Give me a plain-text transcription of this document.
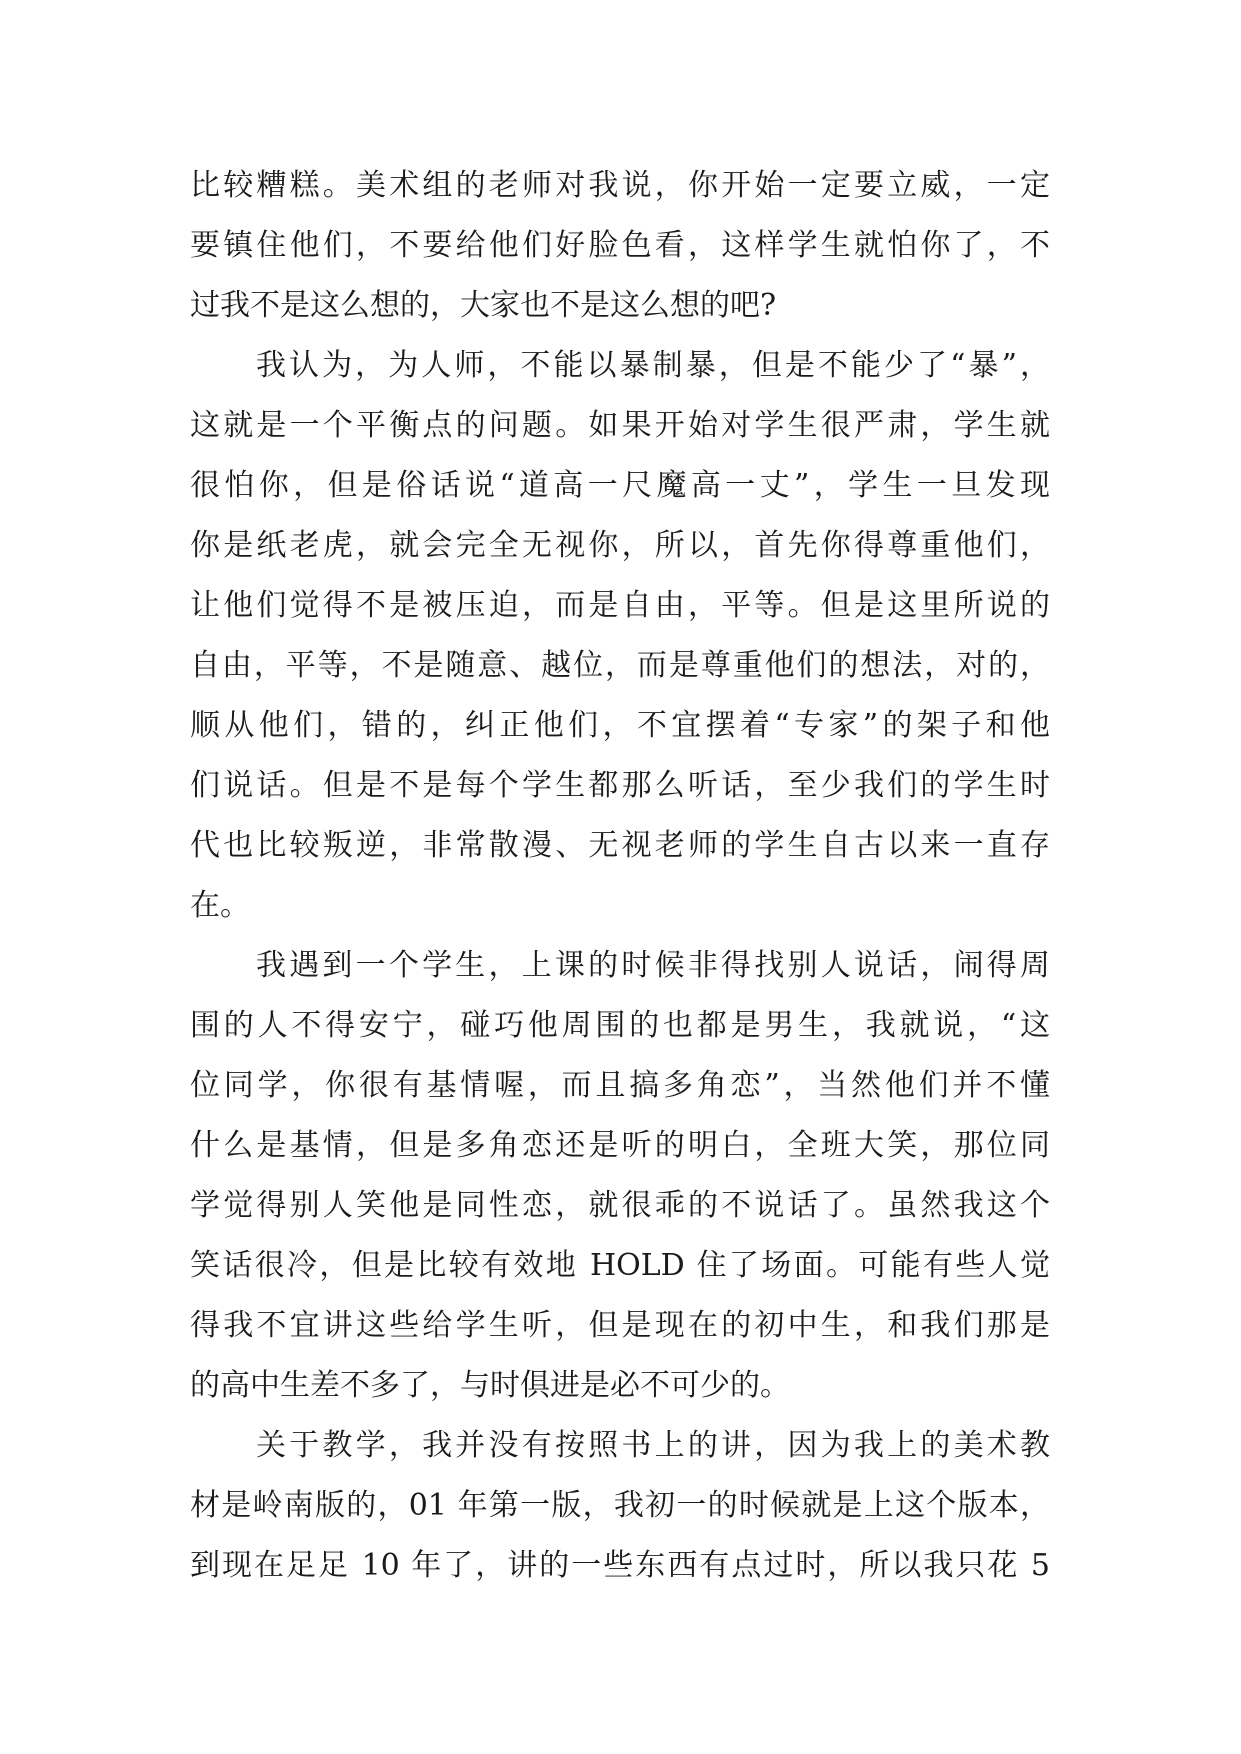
比较糟糕。美术组的老师对我说，你开始一定要立威，一定
要镇住他们，不要给他们好脸色看，这样学生就怕你了，不
过我不是这么想的，大家也不是这么想的吧?
我认为，为人师，不能以暴制暴，但是不能少了“暴”，
这就是一个平衡点的问题。如果开始对学生很严肃，学生就
很怕你，但是俗话说“道高一尺魔高一丈”，学生一旦发现
你是纸老虎，就会完全无视你，所以，首先你得尊重他们，
让他们觉得不是被压迫，而是自由，平等。但是这里所说的
自由，平等，不是随意、越位，而是尊重他们的想法，对的，
顺从他们，错的，纠正他们，不宜摆着“专家”的架子和他
们说话。但是不是每个学生都那么听话，至少我们的学生时
代也比较叛逆，非常散漫、无视老师的学生自古以来一直存
在。
我遇到一个学生，上课的时候非得找别人说话，闹得周
围的人不得安宁，碰巧他周围的也都是男生，我就说，“这
位同学，你很有基情喔，而且搞多角恋”，当然他们并不懂
什么是基情，但是多角恋还是听的明白，全班大笑，那位同
学觉得别人笑他是同性恋，就很乖的不说话了。虽然我这个
笑话很冷，但是比较有效地 HOLD 住了场面。可能有些人觉
得我不宜讲这些给学生听，但是现在的初中生，和我们那是
的高中生差不多了，与时俱进是必不可少的。
关于教学，我并没有按照书上的讲，因为我上的美术教
材是岭南版的，01 年第一版，我初一的时候就是上这个版本，
到现在足足 10 年了，讲的一些东西有点过时，所以我只花 5
